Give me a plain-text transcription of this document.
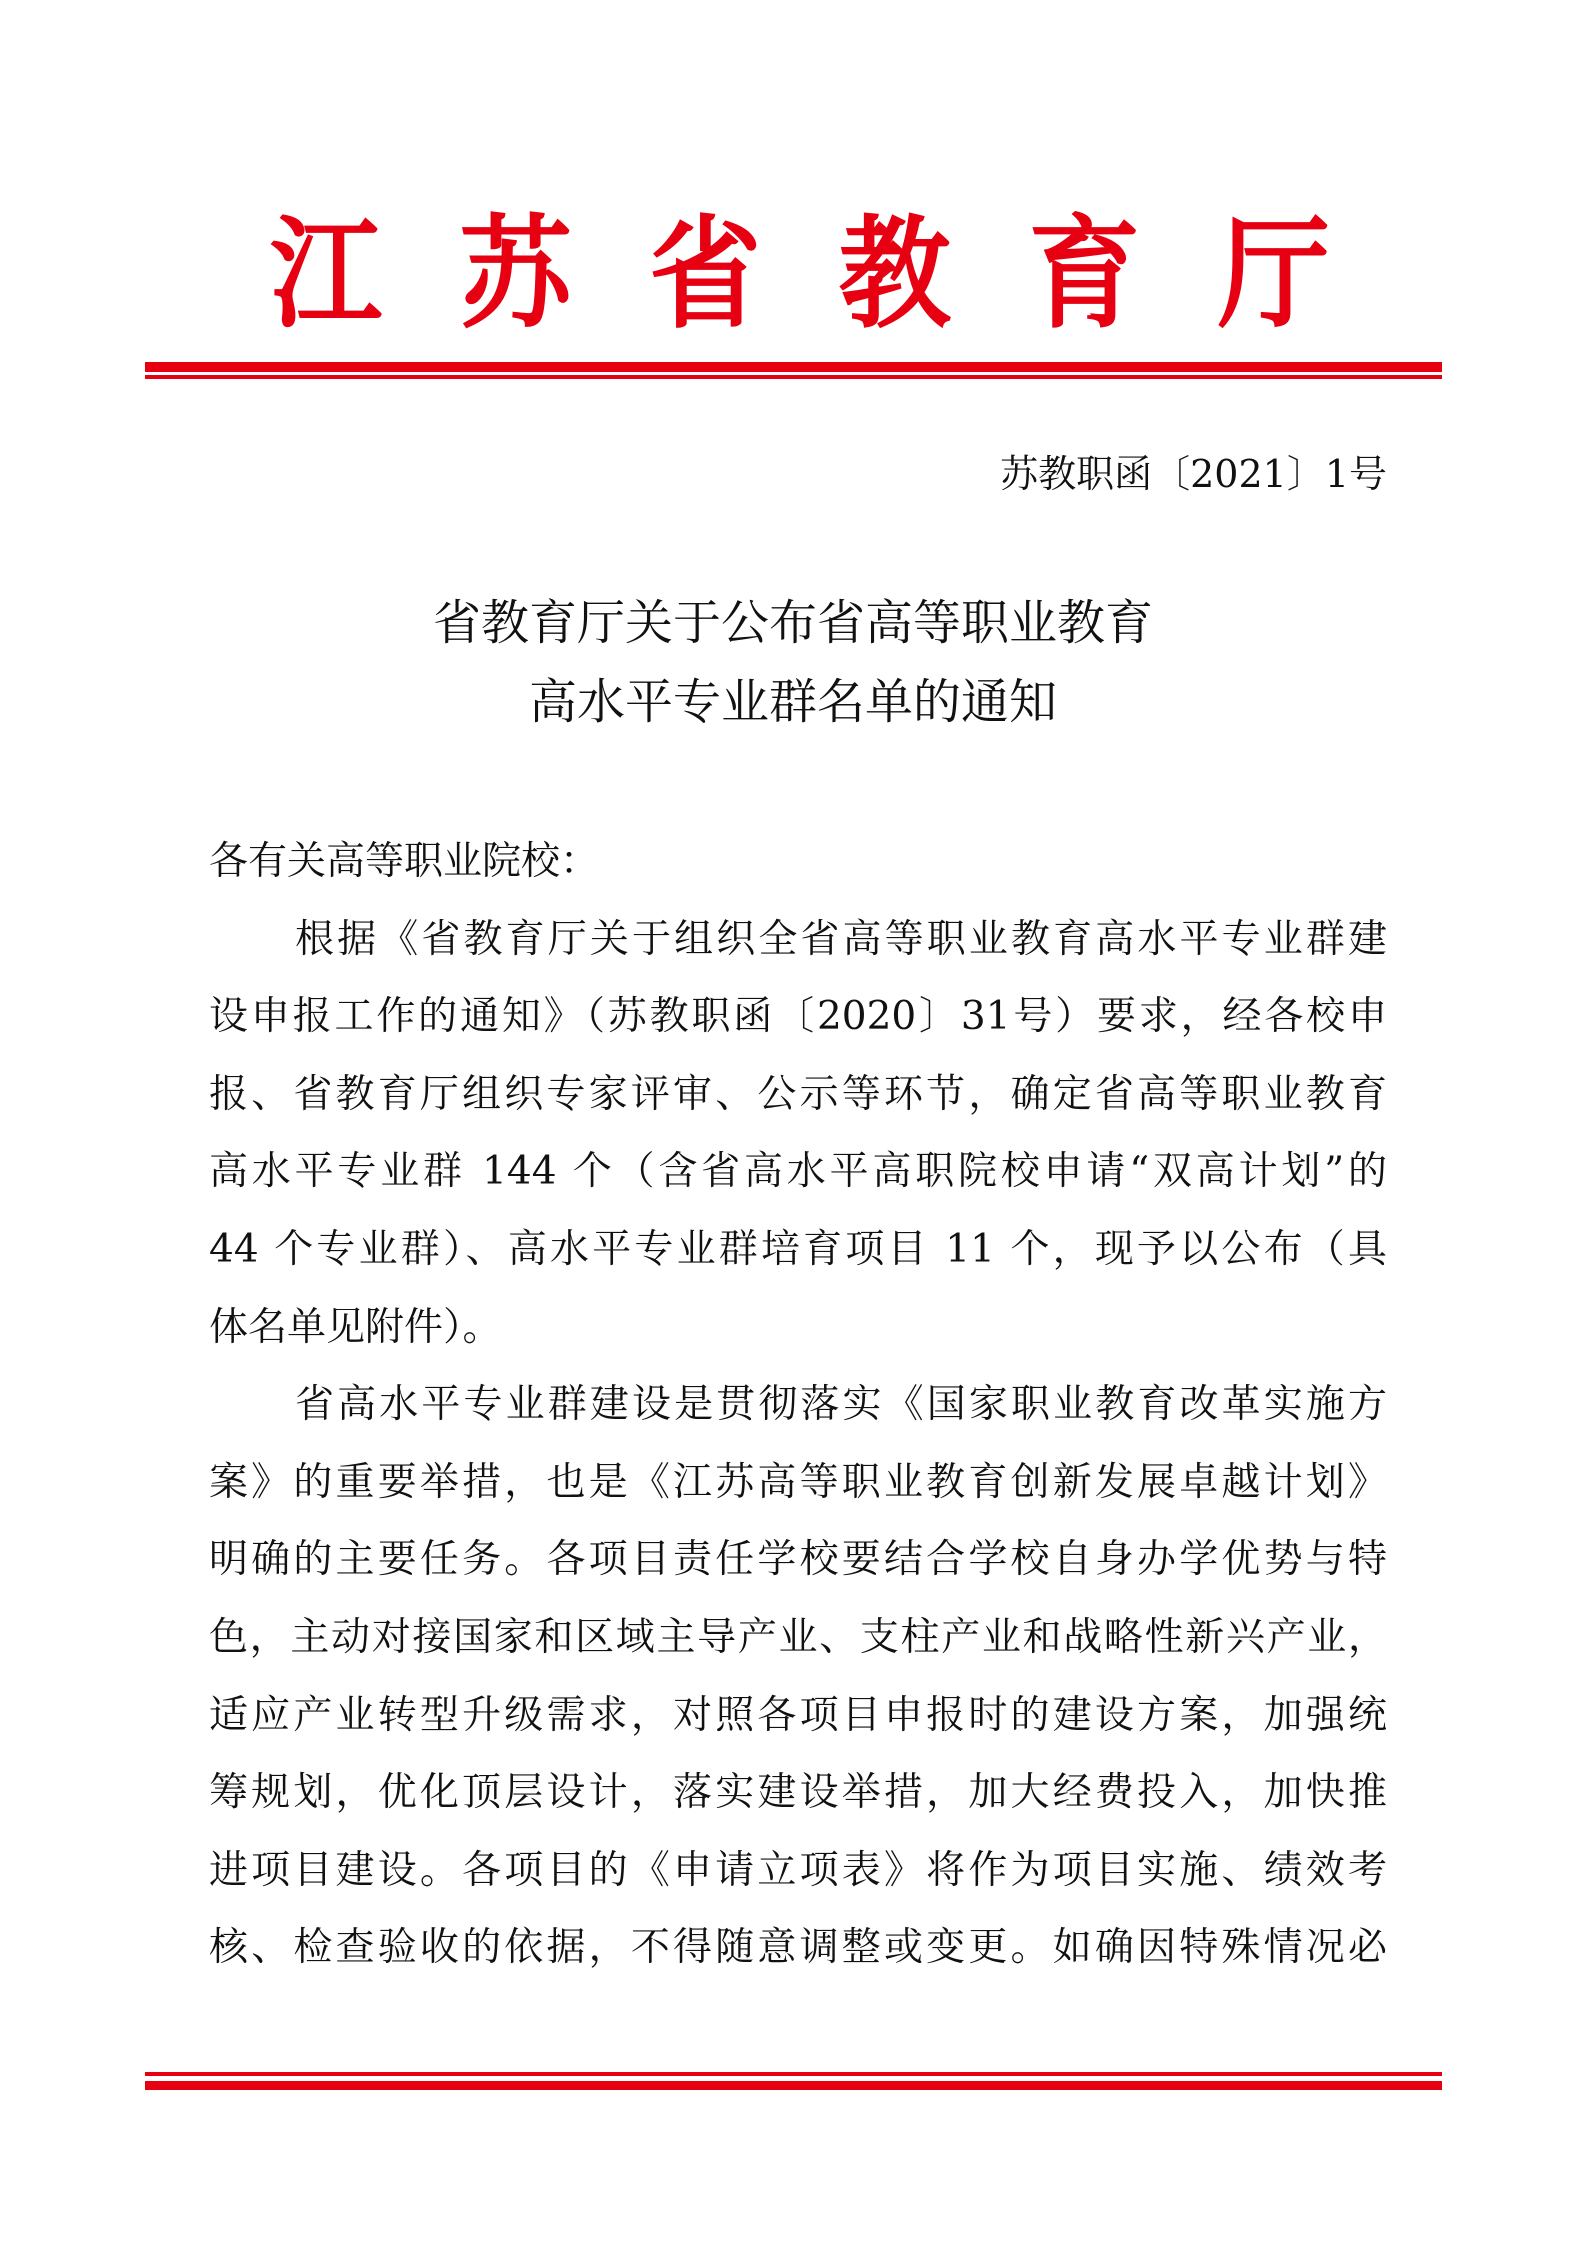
江 苏 省 教 育 厅
苏教职函〔2021〕1号
省教育厅关于公布省高等职业教育
高水平专业群名单的通知
各有关高等职业院校：
根据《省教育厅关于组织全省高等职业教育高水平专业群建
设申报工作的通知》（苏教职函〔2020〕31号）要求，经各校申
报、省教育厅组织专家评审、公示等环节，确定省高等职业教育
高水平专业群 144 个（含省高水平高职院校申请“双高计划”的
44 个专业群）、高水平专业群培育项目 11 个，现予以公布（具
体名单见附件）。
省高水平专业群建设是贯彻落实《国家职业教育改革实施方
案》的重要举措，也是《江苏高等职业教育创新发展卓越计划》
明确的主要任务。各项目责任学校要结合学校自身办学优势与特
色，主动对接国家和区域主导产业、支柱产业和战略性新兴产业，
适应产业转型升级需求，对照各项目申报时的建设方案，加强统
筹规划，优化顶层设计，落实建设举措，加大经费投入，加快推
进项目建设。各项目的《申请立项表》将作为项目实施、绩效考
核、检查验收的依据，不得随意调整或变更。如确因特殊情况必
